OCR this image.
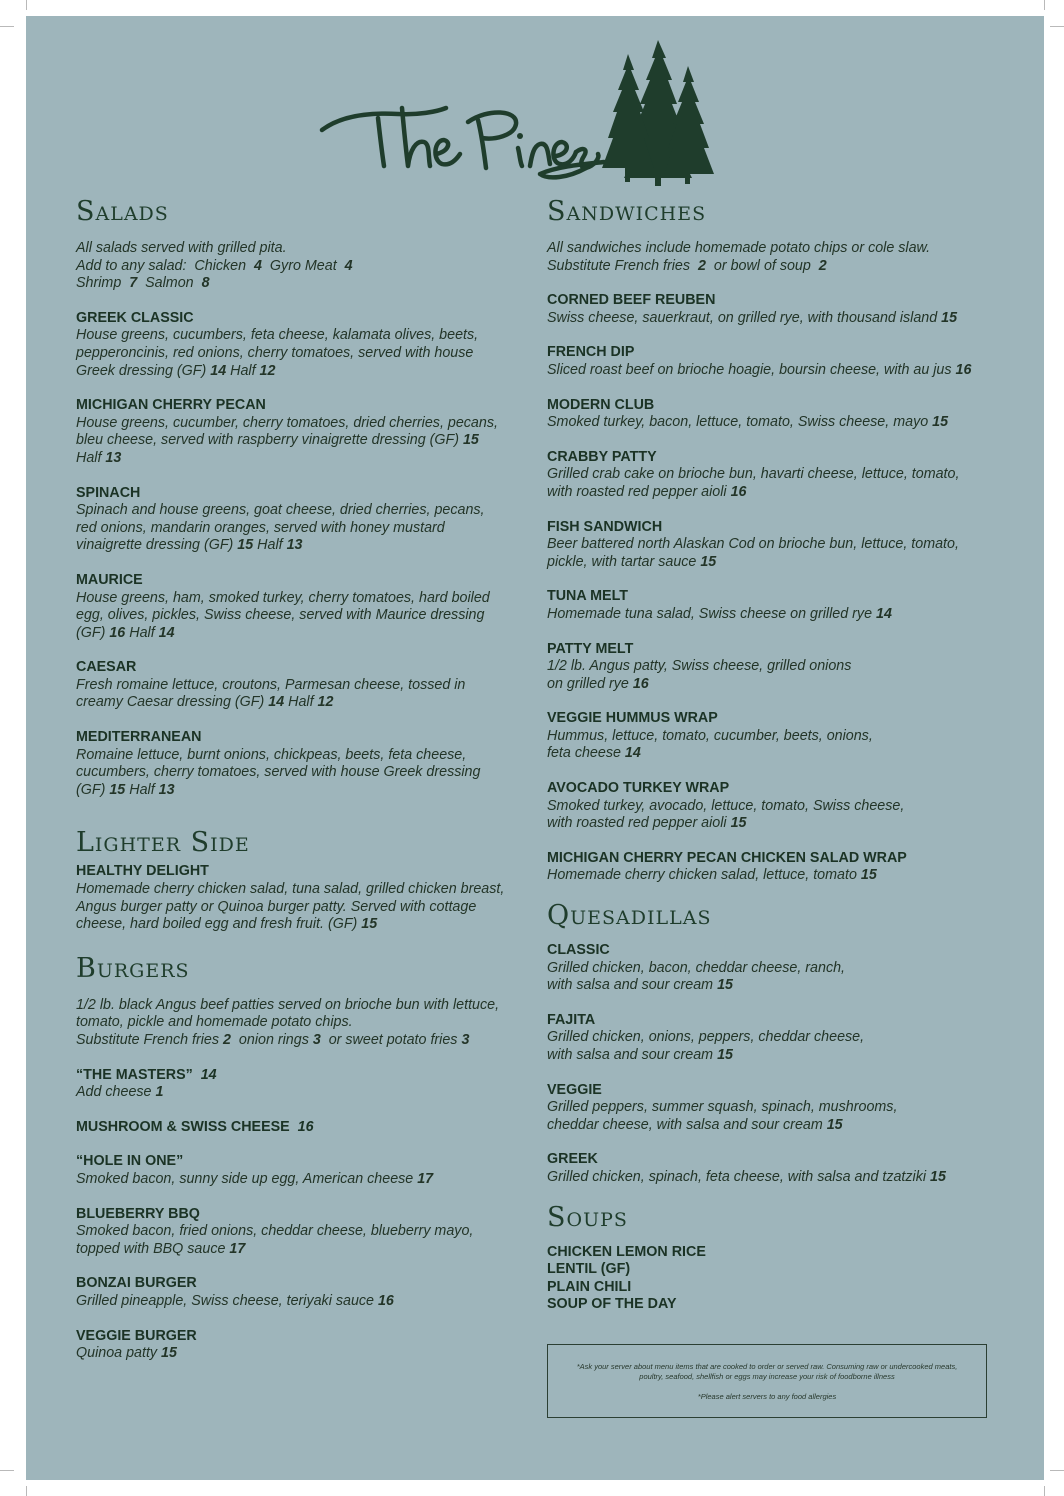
Salads
All salads served with grilled pita.
Add to any salad:  Chicken  4  Gyro Meat  4
Shrimp  7  Salmon  8
GREEK CLASSIC
House greens, cucumbers, feta cheese, kalamata olives, beets,
pepperoncinis, red onions, cherry tomatoes, served with house
Greek dressing (GF) 14 Half 12
MICHIGAN CHERRY PECAN
House greens, cucumber, cherry tomatoes, dried cherries, pecans,
bleu cheese, served with raspberry vinaigrette dressing (GF) 15
Half 13
SPINACH
Spinach and house greens, goat cheese, dried cherries, pecans,
red onions, mandarin oranges, served with honey mustard
vinaigrette dressing (GF) 15 Half 13
MAURICE
House greens, ham, smoked turkey, cherry tomatoes, hard boiled
egg, olives, pickles, Swiss cheese, served with Maurice dressing
(GF) 16 Half 14
CAESAR
Fresh romaine lettuce, croutons, Parmesan cheese, tossed in
creamy Caesar dressing (GF) 14 Half 12
MEDITERRANEAN
Romaine lettuce, burnt onions, chickpeas, beets, feta cheese,
cucumbers, cherry tomatoes, served with house Greek dressing
(GF) 15 Half 13
Lighter Side
HEALTHY DELIGHT
Homemade cherry chicken salad, tuna salad, grilled chicken breast,
Angus burger patty or Quinoa burger patty. Served with cottage
cheese, hard boiled egg and fresh fruit. (GF) 15
Burgers
1/2 lb. black Angus beef patties served on brioche bun with lettuce,
tomato, pickle and homemade potato chips.
Substitute French fries 2  onion rings 3  or sweet potato fries 3
“THE MASTERS”  14
Add cheese 1
MUSHROOM & SWISS CHEESE  16
“HOLE IN ONE”
Smoked bacon, sunny side up egg, American cheese 17
BLUEBERRY BBQ
Smoked bacon, fried onions, cheddar cheese, blueberry mayo,
topped with BBQ sauce 17
BONZAI BURGER
Grilled pineapple, Swiss cheese, teriyaki sauce 16
VEGGIE BURGER
Quinoa patty 15
Sandwiches
All sandwiches include homemade potato chips or cole slaw.
Substitute French fries  2  or bowl of soup  2
CORNED BEEF REUBEN
Swiss cheese, sauerkraut, on grilled rye, with thousand island 15
FRENCH DIP
Sliced roast beef on brioche hoagie, boursin cheese, with au jus 16
MODERN CLUB
Smoked turkey, bacon, lettuce, tomato, Swiss cheese, mayo 15
CRABBY PATTY
Grilled crab cake on brioche bun, havarti cheese, lettuce, tomato,
with roasted red pepper aioli 16
FISH SANDWICH
Beer battered north Alaskan Cod on brioche bun, lettuce, tomato,
pickle, with tartar sauce 15
TUNA MELT
Homemade tuna salad, Swiss cheese on grilled rye 14
PATTY MELT
1/2 lb. Angus patty, Swiss cheese, grilled onions
on grilled rye 16
VEGGIE HUMMUS WRAP
Hummus, lettuce, tomato, cucumber, beets, onions,
feta cheese 14
AVOCADO TURKEY WRAP
Smoked turkey, avocado, lettuce, tomato, Swiss cheese,
with roasted red pepper aioli 15
MICHIGAN CHERRY PECAN CHICKEN SALAD WRAP
Homemade cherry chicken salad, lettuce, tomato 15
Quesadillas
CLASSIC
Grilled chicken, bacon, cheddar cheese, ranch,
with salsa and sour cream 15
FAJITA
Grilled chicken, onions, peppers, cheddar cheese,
with salsa and sour cream 15
VEGGIE
Grilled peppers, summer squash, spinach, mushrooms,
cheddar cheese, with salsa and sour cream 15
GREEK
Grilled chicken, spinach, feta cheese, with salsa and tzatziki 15
Soups
CHICKEN LEMON RICE
LENTIL (GF)
PLAIN CHILI
SOUP OF THE DAY

*Ask your server about menu items that are cooked to order or served raw. Consuming raw or undercooked meats, poultry, seafood, shellfish or eggs may increase your risk of foodborne illness

*Please alert servers to any food allergies
